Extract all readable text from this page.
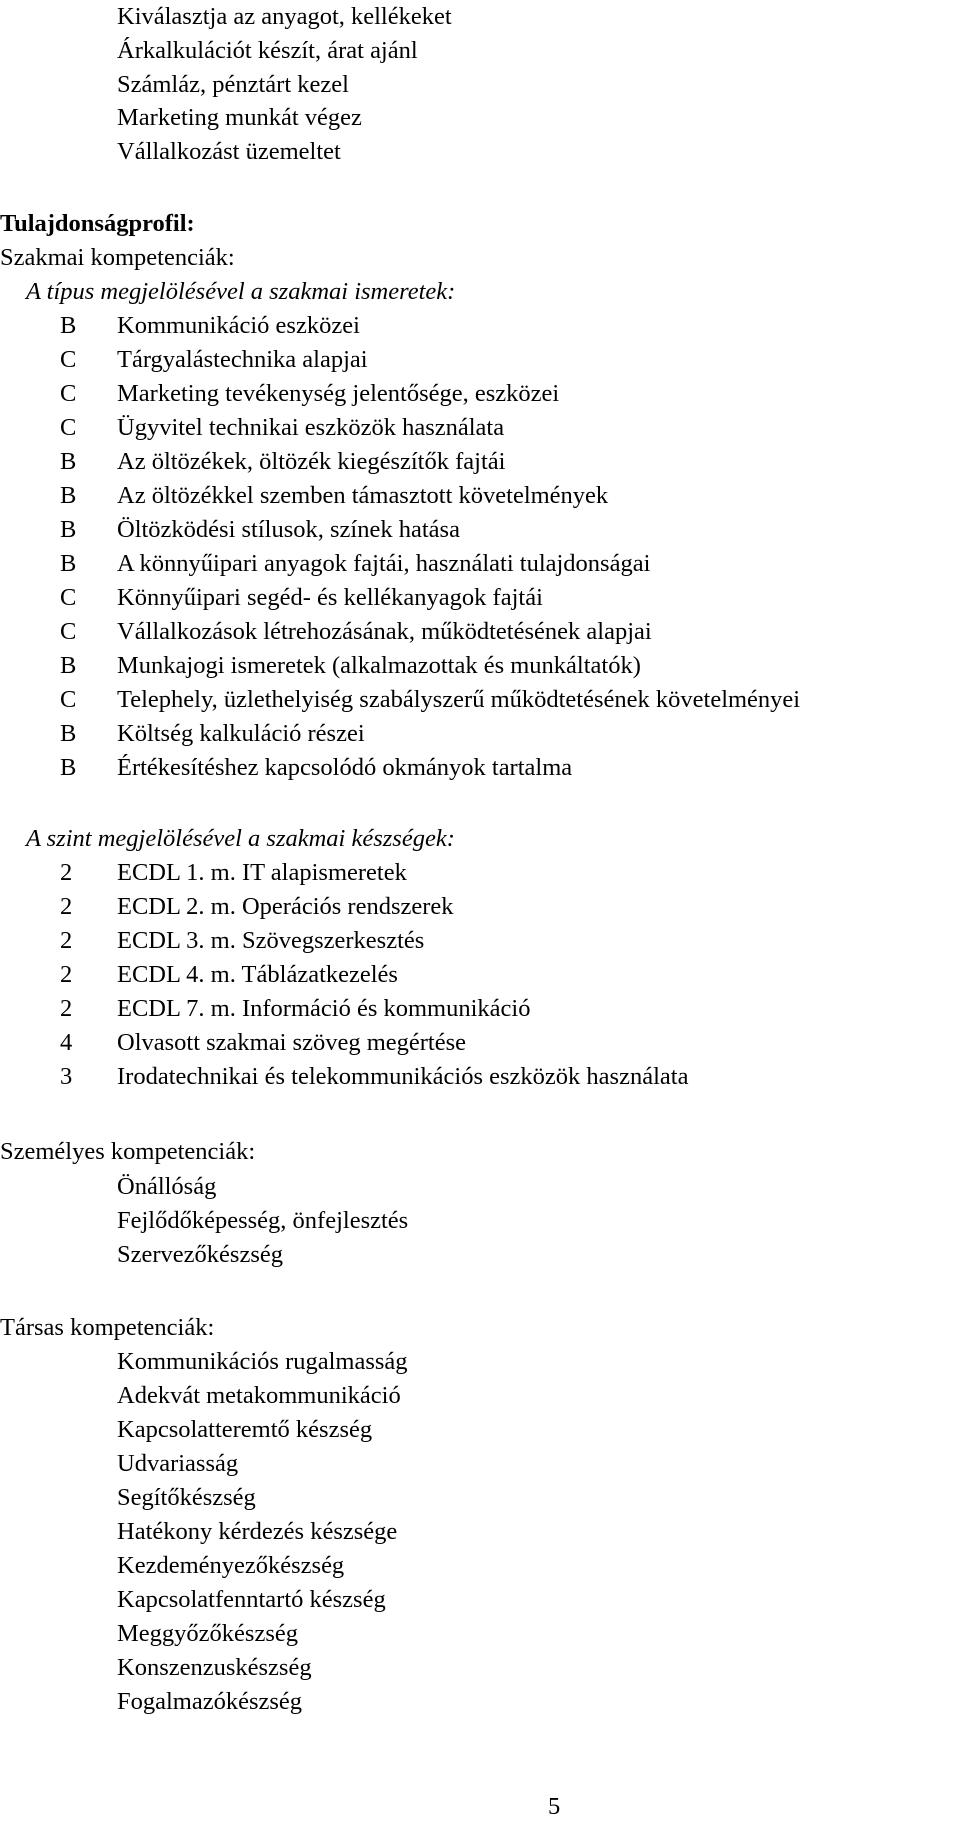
Kiválasztja az anyagot, kellékeket
Árkalkulációt készít, árat ajánl
Számláz, pénztárt kezel
Marketing munkát végez
Vállalkozást üzemeltet
Tulajdonságprofil:
Szakmai kompetenciák:
A típus megjelölésével a szakmai ismeretek:
B Kommunikáció eszközei
C Tárgyalástechnika alapjai
C Marketing tevékenység jelentősége, eszközei
C Ügyvitel technikai eszközök használata
B Az öltözékek, öltözék kiegészítők fajtái
B Az öltözékkel szemben támasztott követelmények
B Öltözködési stílusok, színek hatása
B A könnyűipari anyagok fajtái, használati tulajdonságai
C Könnyűipari segéd- és kellékanyagok fajtái
C Vállalkozások létrehozásának, működtetésének alapjai
B Munkajogi ismeretek (alkalmazottak és munkáltatók)
C Telephely, üzlethelyiség szabályszerű működtetésének követelményei
B Költség kalkuláció részei
B Értékesítéshez kapcsolódó okmányok tartalma
A szint megjelölésével a szakmai készségek:
2 ECDL 1. m. IT alapismeretek
2 ECDL 2. m. Operációs rendszerek
2 ECDL 3. m. Szövegszerkesztés
2 ECDL 4. m. Táblázatkezelés
2 ECDL 7. m. Információ és kommunikáció
4 Olvasott szakmai szöveg megértése
3 Irodatechnikai és telekommunikációs eszközök használata
Személyes kompetenciák:
Önállóság
Fejlődőképesség, önfejlesztés
Szervezőkészség
Társas kompetenciák:
Kommunikációs rugalmasság
Adekvát metakommunikáció
Kapcsolatteremtő készség
Udvariasság
Segítőkészség
Hatékony kérdezés készsége
Kezdeményezőkészség
Kapcsolatfenntartó készség
Meggyőzőkészség
Konszenzuskészség
Fogalmazókészség
5
